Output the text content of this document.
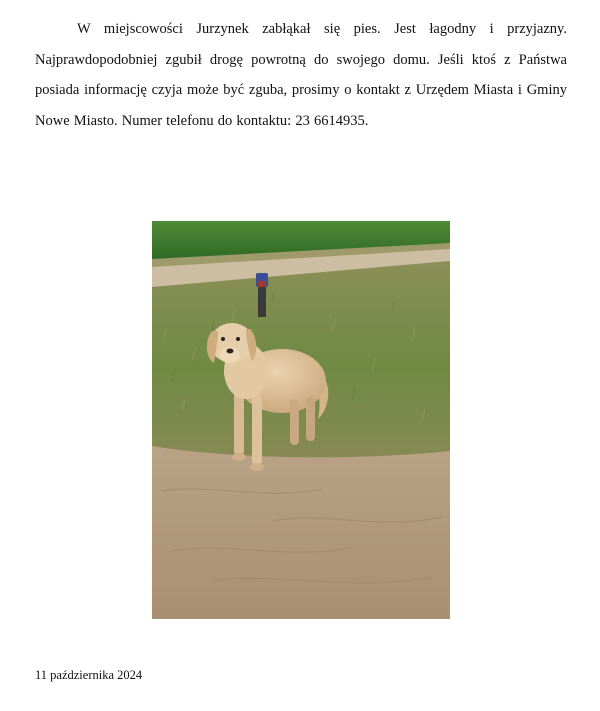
W miejscowości Jurzynek zabłąkał się pies. Jest łagodny i przyjazny. Najprawdopodobniej zgubił drogę powrotną do swojego domu. Jeśli ktoś z Państwa posiada informację czyja może być zguba, prosimy o kontakt z Urzędem Miasta i Gminy Nowe Miasto. Numer telefonu do kontaktu: 23 6614935.

11 października 2024
